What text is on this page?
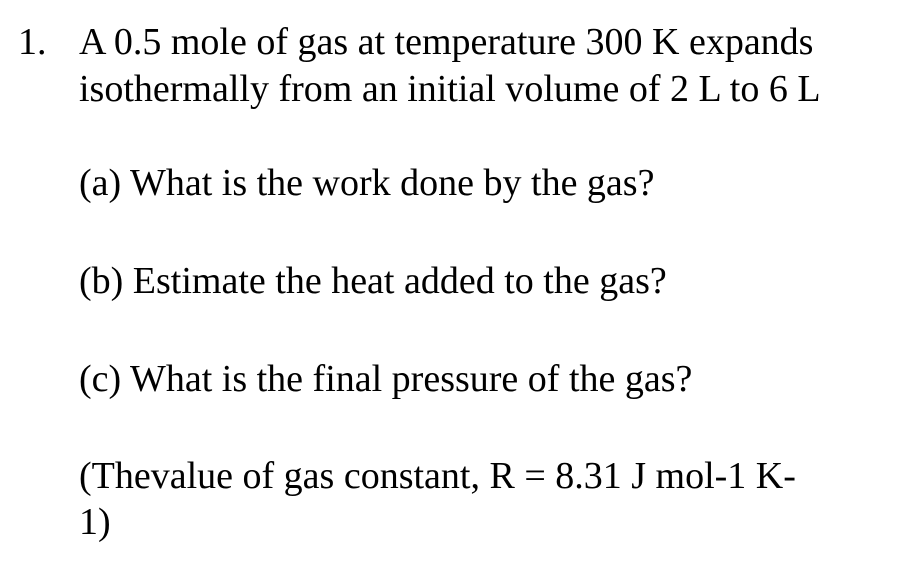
1. A 0.5 mole of gas at temperature 300 K expands
isothermally from an initial volume of 2 L to 6 L
(a) What is the work done by the gas?
(b) Estimate the heat added to the gas?
(c) What is the final pressure of the gas?
(Thevalue of gas constant, R = 8.31 J mol-1 K-
1)
